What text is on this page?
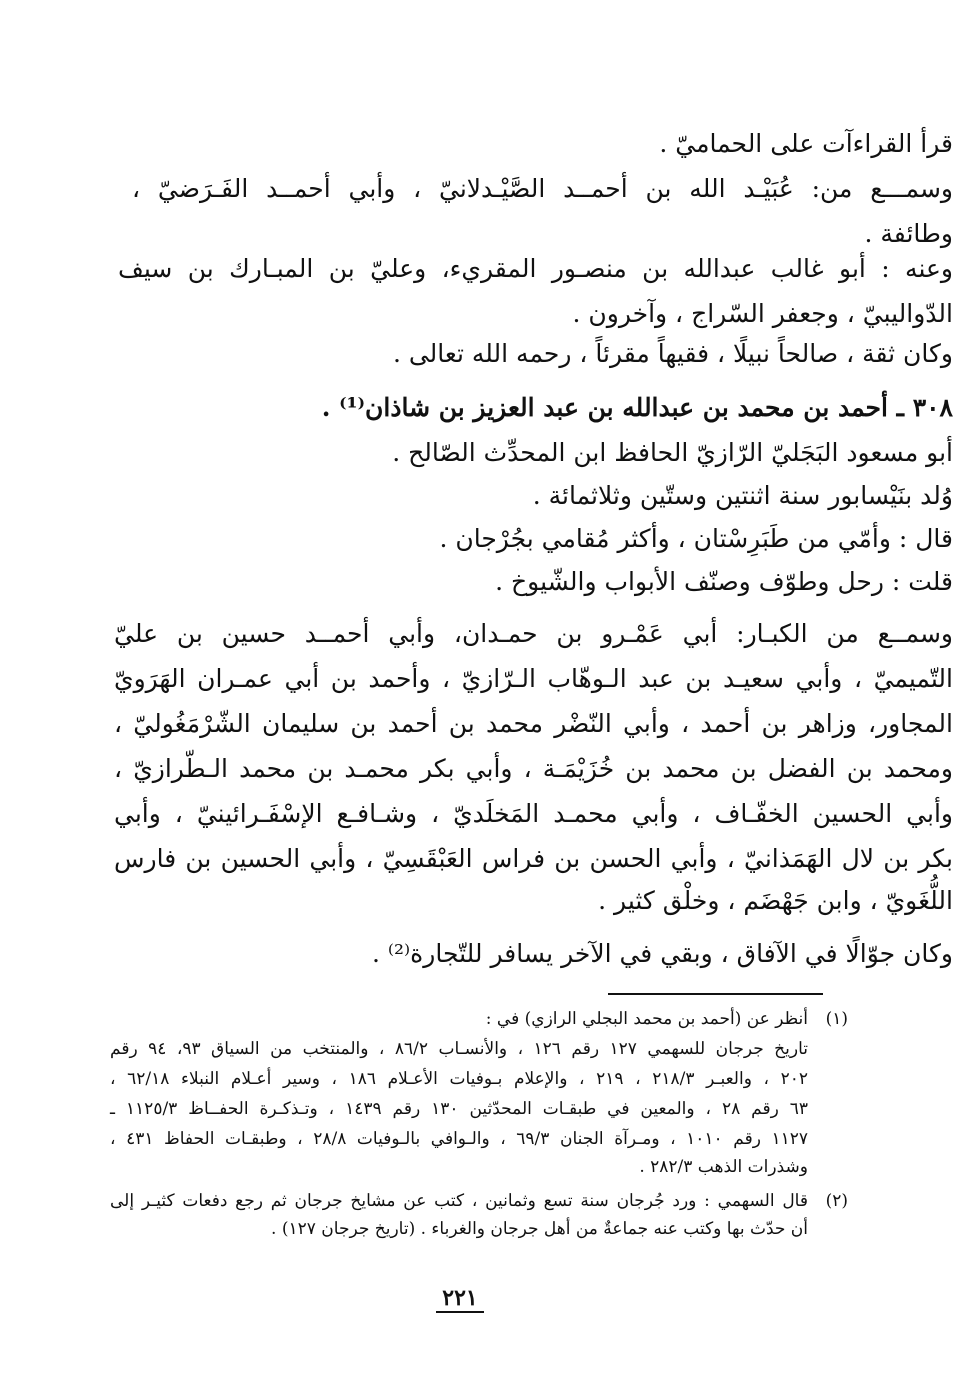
قرأ القراءآت على الحماميّ .

وسمـــع من: عُبَيْـد الله بن أحمــد الصَّيْـدلانيّ ، وأبي أحمــد الفَـرَضيّ ،

وطائفة .

وعنه : أبو غالب عبدالله بن منصـور المقريء، وعليّ بن المبـارك بن سيف

الدّواليبيّ ، وجعفر السّراج ، وآخرون .

وكان ثقة ، صالحاً نبيلًا ، فقيهاً مقرئاً ، رحمه الله تعالى .

٣٠٨ ـ أحمد بن محمد بن عبدالله بن عبد العزيز بن شاذان⁽¹⁾ .

أبو مسعود البَجَليّ الرّازيّ الحافظ ابن المحدِّث الصّالح .

وُلد بنَيْسابور سنة اثنتين وستّين وثلاثمائة .

قال : وأمّي من طَبَرِسْتان ، وأكثر مُقامي بجُرْجان .

قلت : رحل وطوّف وصنّف الأبواب والشّيوخ .

وسمــع من الكبـار: أبي عَمْـرو بن حمـدان، وأبي أحمــد حسين بن عليّ

التّميميّ ، وأبي سعيـد بن عبد الـوهّاب الـرّازيّ ، وأحمد بن أبي عمـران الهَرَويّ

المجاور، وزاهر بن أحمد ، وأبي النّضْر محمد بن أحمد بن سليمان الشّرْمَغُوليّ ،

ومحمد بن الفضل بن محمد بن خُزَيْمَـة ، وأبي بكر محمـد بن محمد الـطّرازيّ ،

وأبي الحسين الخفّـاف ، وأبي محمـد المَخلَديّ ، وشـافـع الإسْفَـرائينيّ ، وأبي

بكر بن لال الهَمَذانيّ ، وأبي الحسن بن فراس العَبْقَسِيّ ، وأبي الحسين بن فارس

اللُّغَويّ ، وابن جَهْضَم ، وخلْق كثير .

وكان جوّالًا في الآفاق ، وبقي في الآخر يسافر للتّجارة⁽²⁾ .

(١)

أنظر عن (أحمد بن محمد البجلي الرازي) في :

تاريخ جرجان للسهمي ١٢٧ رقم ١٢٦ ، والأنسـاب ٨٦/٢ ، والمنتخب من السياق ٩٣، ٩٤ رقم

٢٠٢ ، والعبـر ٢١٨/٣ ، ٢١٩ ، والإعلام بـوفيات الأعـلام ١٨٦ ، وسير أعـلام النبلاء ٦٢/١٨ ،

٦٣ رقم ٢٨ ، والمعين في طبقـات المحدّثين ١٣٠ رقم ١٤٣٩ ، وتـذكـرة الحفــاظ ١١٢٥/٣ ـ

١١٢٧ رقم ١٠١٠ ، ومـرآة الجنان ٦٩/٣ ، والـوافي بالـوفيات ٢٨/٨ ، وطبقـات الحفاظ ٤٣١ ،

وشذرات الذهب ٢٨٢/٣ .

(٢)

قال السهمي : ورد جُرجان سنة تسع وثمانين ، كتب عن مشايخ جرجان ثم رجع دفعات كثيـر إلى

أن حدّث بها وكتب عنه جماعةٌ من أهل جرجان والغرباء . (تاريخ جرجان ١٢٧) .

٢٢١
